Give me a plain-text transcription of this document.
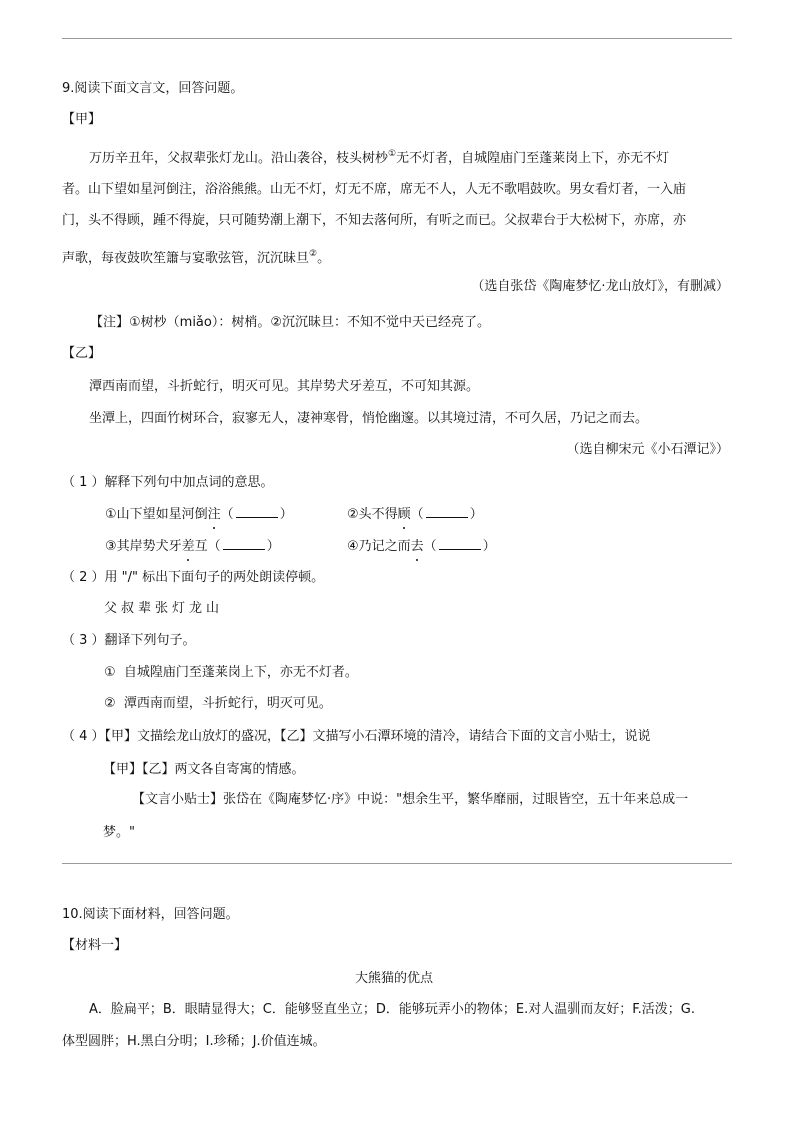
9.阅读下面文言文，回答问题。
【甲】
万历辛丑年，父叔辈张灯龙山。沿山袭谷，枝头树杪①无不灯者，自城隍庙门至蓬莱岗上下，亦无不灯
者。山下望如星河倒注，浴浴熊熊。山无不灯，灯无不席，席无不人，人无不歌唱鼓吹。男女看灯者，一入庙
门，头不得顾，踵不得旋，只可随势潮上潮下，不知去落何所，有听之而已。父叔辈台于大松树下，亦席，亦
声歌，每夜鼓吹笙簫与宴歌弦管，沉沉昧旦②。
（选自张岱《陶庵梦忆·龙山放灯》，有删减）
【注】①树杪（miǎo）：树梢。②沉沉昧旦：不知不觉中天已经亮了。
【乙】
潭西南而望，斗折蛇行，明灭可见。其岸势犬牙差互，不可知其源。
坐潭上，四面竹树环合，寂寥无人，凄神寒骨，悄怆幽邃。以其境过清，不可久居，乃记之而去。
（选自柳宋元《小石潭记》）
（ 1 ）解释下列句中加点词的意思。
①山下望如星河倒注（	）	②头不得顾（	）
③其岸势犬牙差互（	）	④乃记之而去（	）
（ 2 ）用 "/" 标出下面句子的两处朗读停顿。
父叔辈张灯龙山
（ 3 ）翻译下列句子。
① 自城隍庙门至蓬莱岗上下，亦无不灯者。
② 潭西南而望，斗折蛇行，明灭可见。
（ 4 ）【甲】文描绘龙山放灯的盛况，【乙】文描写小石潭环境的清冷，请结合下面的文言小贴士，说说
【甲】【乙】两文各自寄寓的情感。
【文言小贴士】张岱在《陶庵梦忆·序》中说："想余生平，繁华靡丽，过眼皆空，五十年来总成一
梦。"
10.阅读下面材料，回答问题。
【材料一】
大熊猫的优点
A．脸扁平；B．眼睛显得大；C．能够竖直坐立；D．能够玩弄小的物体；E.对人温驯而友好；F.活泼；G.
体型圆胖；H.黑白分明；I.珍稀；J.价值连城。
